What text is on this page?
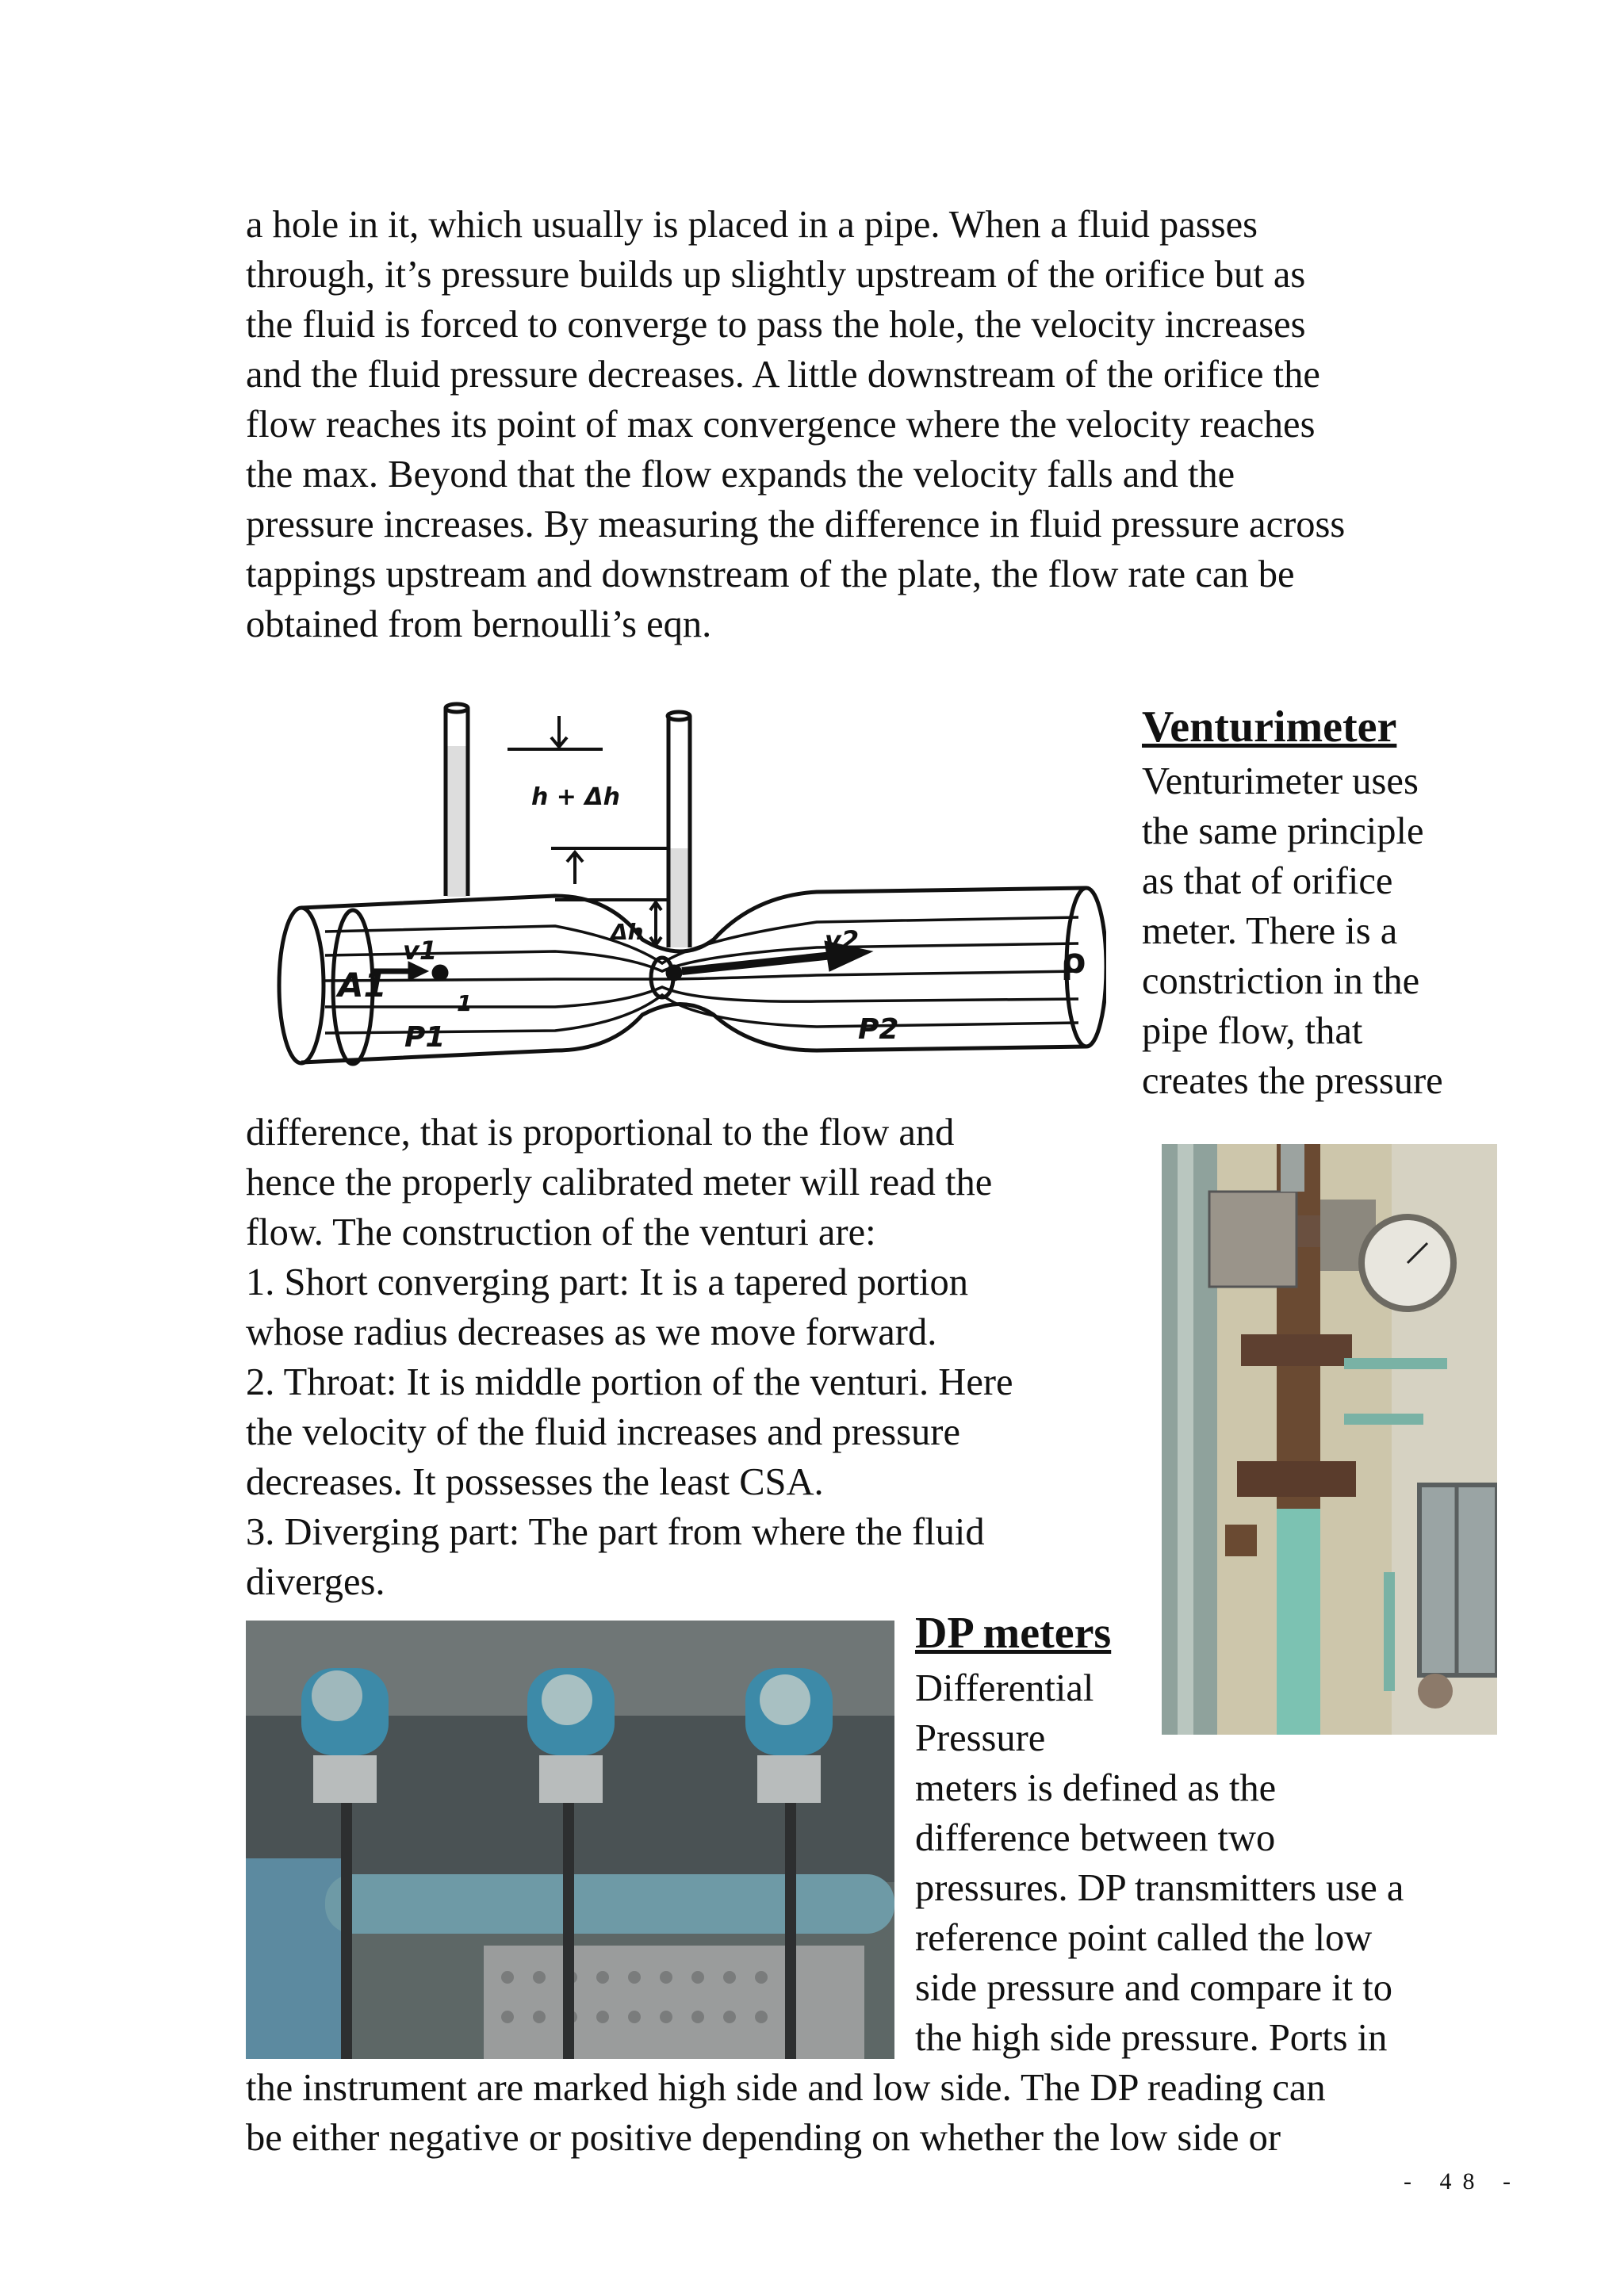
a hole in it, which usually is placed in a pipe. When a fluid passes
through, it’s pressure builds up slightly upstream of the orifice but as
the fluid is forced to converge to pass the hole, the velocity increases
and the fluid pressure decreases. A little downstream of the orifice the
flow reaches its point of max convergence where the velocity reaches
the max. Beyond that the flow expands the velocity falls and the
pressure increases. By measuring the difference in fluid pressure across
tappings upstream and downstream of the plate, the flow rate can be
obtained from bernoulli’s eqn.
h + Δh
Δh
A1
v1	v2
P1	P2
1
ρ
Venturimeter
Venturimeter uses
the same principle
as that of orifice
meter. There is a
constriction in the
pipe flow, that
creates the pressure
difference, that is proportional to the flow and
hence the properly calibrated meter will read the
flow. The construction of the venturi are:
1. Short converging part: It is a tapered portion
whose radius decreases as we move forward.
2. Throat: It is middle portion of the venturi. Here
the velocity of the fluid increases and pressure
decreases. It possesses the least CSA.
3. Diverging part: The part from where the fluid
diverges.
DP meters
Differential
Pressure
meters is defined as the
difference between two
pressures. DP transmitters use a
reference point called the low
side pressure and compare it to
the high side pressure. Ports in
the instrument are marked high side and low side. The DP reading can
be either negative or positive depending on whether the low side or
- 48 -
